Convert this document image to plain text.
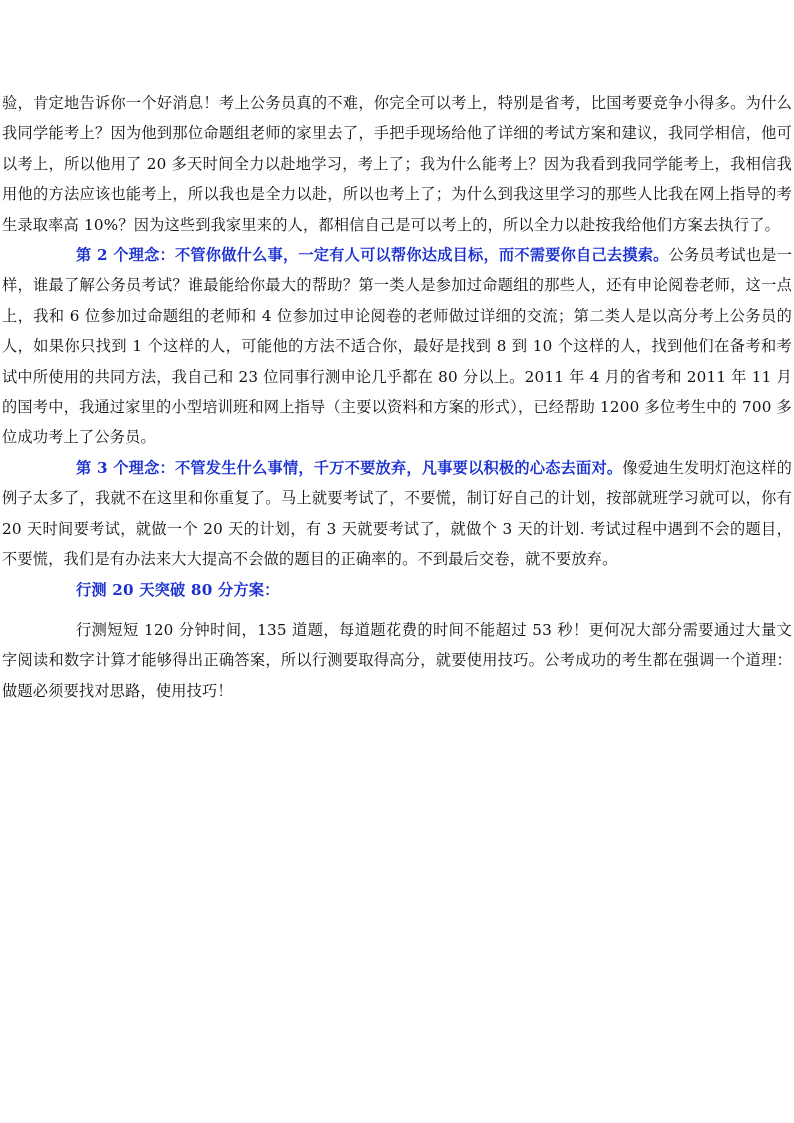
验，肯定地告诉你一个好消息！考上公务员真的不难，你完全可以考上，特别是省考，比国考要竞争小得多。为什么我同学能考上？因为他到那位命题组老师的家里去了，手把手现场给他了详细的考试方案和建议，我同学相信，他可以考上，所以他用了 20 多天时间全力以赴地学习，考上了；我为什么能考上？因为我看到我同学能考上，我相信我用他的方法应该也能考上，所以我也是全力以赴，所以也考上了；为什么到我这里学习的那些人比我在网上指导的考生录取率高 10%？因为这些到我家里来的人，都相信自己是可以考上的，所以全力以赴按我给他们方案去执行了。

第 2 个理念：不管你做什么事，一定有人可以帮你达成目标，而不需要你自己去摸索。公务员考试也是一样，谁最了解公务员考试？谁最能给你最大的帮助？第一类人是参加过命题组的那些人，还有申论阅卷老师，这一点上，我和 6 位参加过命题组的老师和 4 位参加过申论阅卷的老师做过详细的交流；第二类人是以高分考上公务员的人，如果你只找到 1 个这样的人，可能他的方法不适合你，最好是找到 8 到 10 个这样的人，找到他们在备考和考试中所使用的共同方法，我自己和 23 位同事行测申论几乎都在 80 分以上。2011 年 4 月的省考和 2011 年 11 月的国考中，我通过家里的小型培训班和网上指导（主要以资料和方案的形式），已经帮助 1200 多位考生中的 700 多位成功考上了公务员。

第 3 个理念：不管发生什么事情，千万不要放弃，凡事要以积极的心态去面对。像爱迪生发明灯泡这样的例子太多了，我就不在这里和你重复了。马上就要考试了，不要慌，制订好自己的计划，按部就班学习就可以，你有 20 天时间要考试，就做一个 20 天的计划，有 3 天就要考试了，就做个 3 天的计划. 考试过程中遇到不会的题目，不要慌，我们是有办法来大大提高不会做的题目的正确率的。不到最后交卷，就不要放弃。

行测 20 天突破 80 分方案：

行测短短 120 分钟时间，135 道题，每道题花费的时间不能超过 53 秒！更何况大部分需要通过大量文字阅读和数字计算才能够得出正确答案，所以行测要取得高分，就要使用技巧。公考成功的考生都在强调一个道理：做题必须要找对思路，使用技巧！
